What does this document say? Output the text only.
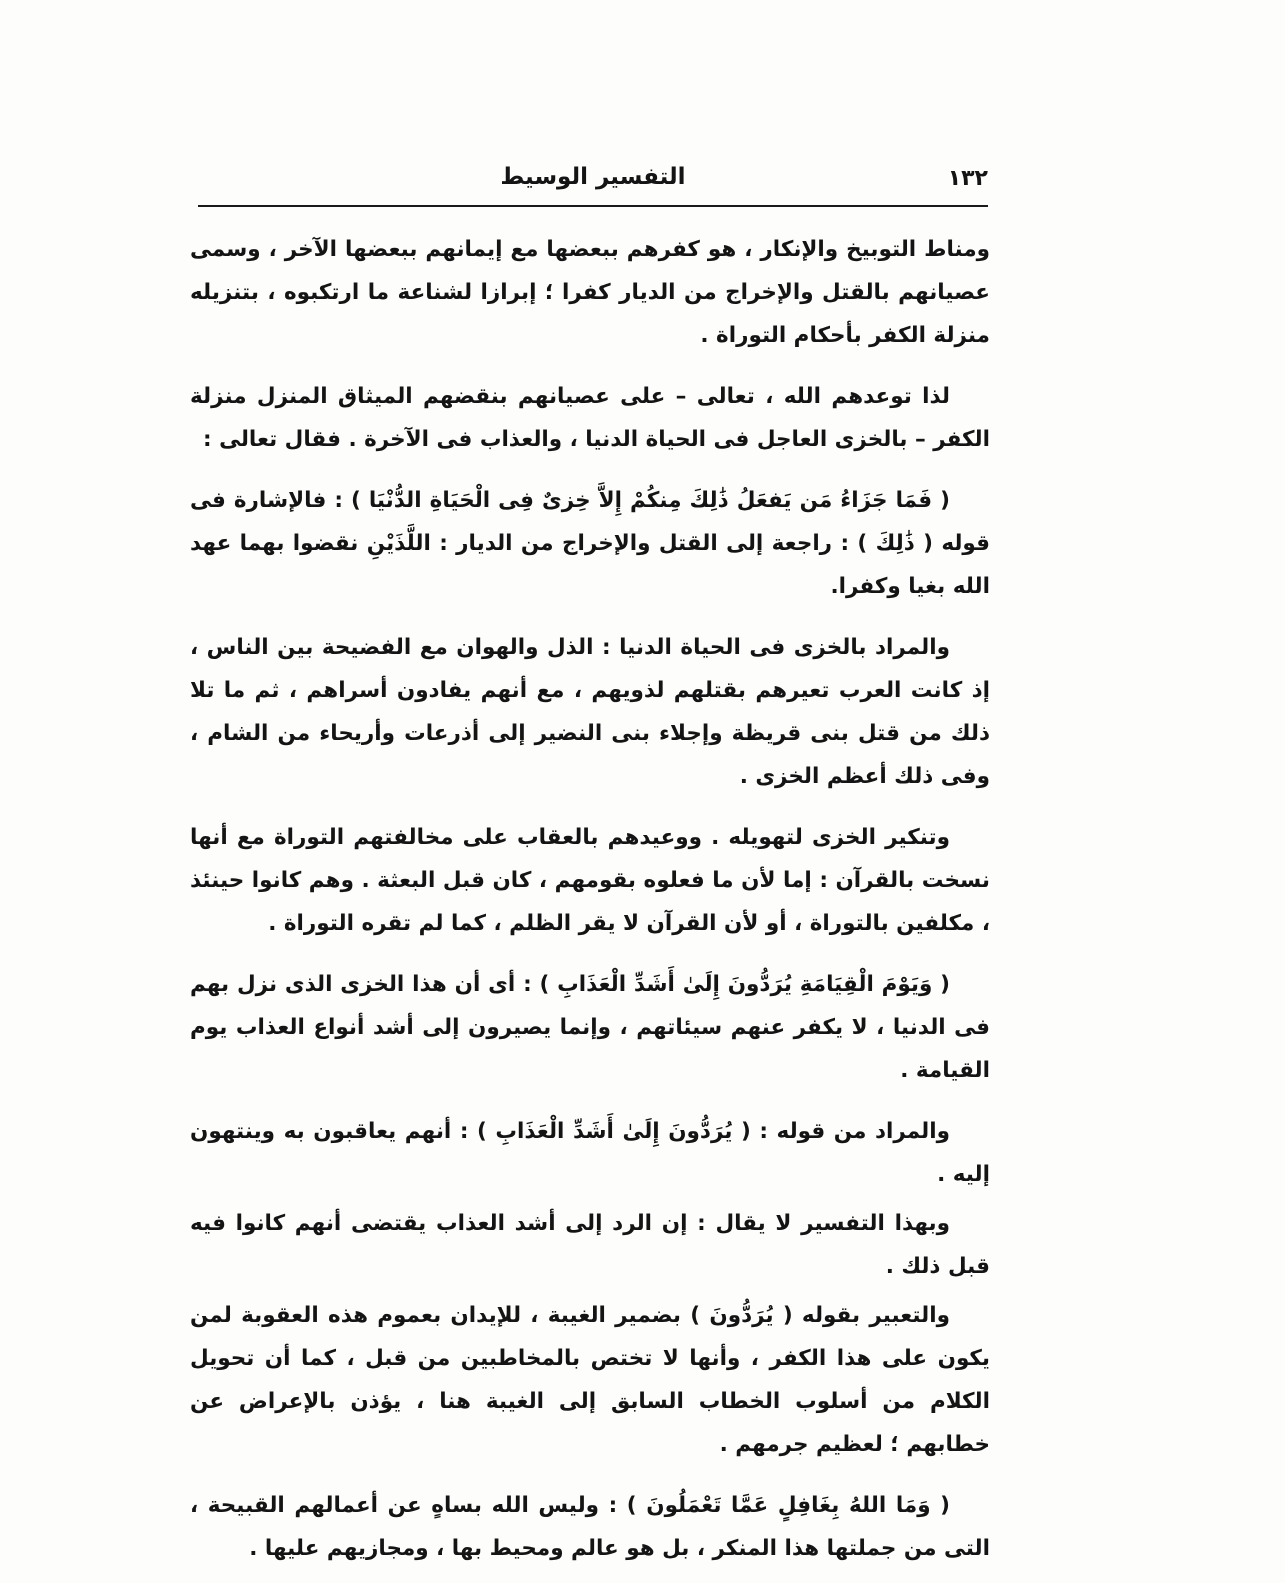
١٣٢
التفسير الوسيط

ومناط التوبيخ والإنكار ، هو كفرهم ببعضها مع إيمانهم ببعضها الآخر ، وسمى عصيانهم بالقتل والإخراج من الديار كفرا ؛ إبرازا لشناعة ما ارتكبوه ، بتنزيله منزلة الكفر بأحكام التوراة .

لذا توعدهم الله ، تعالى – على عصيانهم بنقضهم الميثاق المنزل منزلة الكفر – بالخزى العاجل فى الحياة الدنيا ، والعذاب فى الآخرة . فقال تعالى :

( فَمَا جَزَاءُ مَن يَفعَلُ ذَٰلِكَ مِنكُمْ إِلاَّ خِزىٌ فِى الْحَيَاةِ الدُّنْيَا ) : فالإشارة فى قوله ( ذَٰلِكَ ) : راجعة إلى القتل والإخراج من الديار : اللَّذَيْنِ نقضوا بهما عهد الله بغيا وكفرا.

والمراد بالخزى فى الحياة الدنيا : الذل والهوان مع الفضيحة بين الناس ، إذ كانت العرب تعيرهم بقتلهم لذويهم ، مع أنهم يفادون أسراهم ، ثم ما تلا ذلك من قتل بنى قريظة وإجلاء بنى النضير إلى أذرعات وأريحاء من الشام ، وفى ذلك أعظم الخزى .

وتنكير الخزى لتهويله . ووعيدهم بالعقاب على مخالفتهم التوراة مع أنها نسخت بالقرآن : إما لأن ما فعلوه بقومهم ، كان قبل البعثة . وهم كانوا حينئذ ، مكلفين بالتوراة ، أو لأن القرآن لا يقر الظلم ، كما لم تقره التوراة .

( وَيَوْمَ الْقِيَامَةِ يُرَدُّونَ إِلَىٰ أَشَدِّ الْعَذَابِ ) : أى أن هذا الخزى الذى نزل بهم فى الدنيا ، لا يكفر عنهم سيئاتهم ، وإنما يصيرون إلى أشد أنواع العذاب يوم القيامة .

والمراد من قوله : ( يُرَدُّونَ إِلَىٰ أَشَدِّ الْعَذَابِ ) : أنهم يعاقبون به وينتهون إليه .

وبهذا التفسير لا يقال : إن الرد إلى أشد العذاب يقتضى أنهم كانوا فيه قبل ذلك .

والتعبير بقوله ( يُرَدُّونَ ) بضمير الغيبة ، للإيدان بعموم هذه العقوبة لمن يكون على هذا الكفر ، وأنها لا تختص بالمخاطبين من قبل ، كما أن تحويل الكلام من أسلوب الخطاب السابق إلى الغيبة هنا ، يؤذن بالإعراض عن خطابهم ؛ لعظيم جرمهم .

( وَمَا اللهُ بِغَافِلٍ عَمَّا تَعْمَلُونَ ) : وليس الله بساهٍ عن أعمالهم القبيحة ، التى من جملتها هذا المنكر ، بل هو عالم ومحيط بها ، ومجازيهم عليها .
